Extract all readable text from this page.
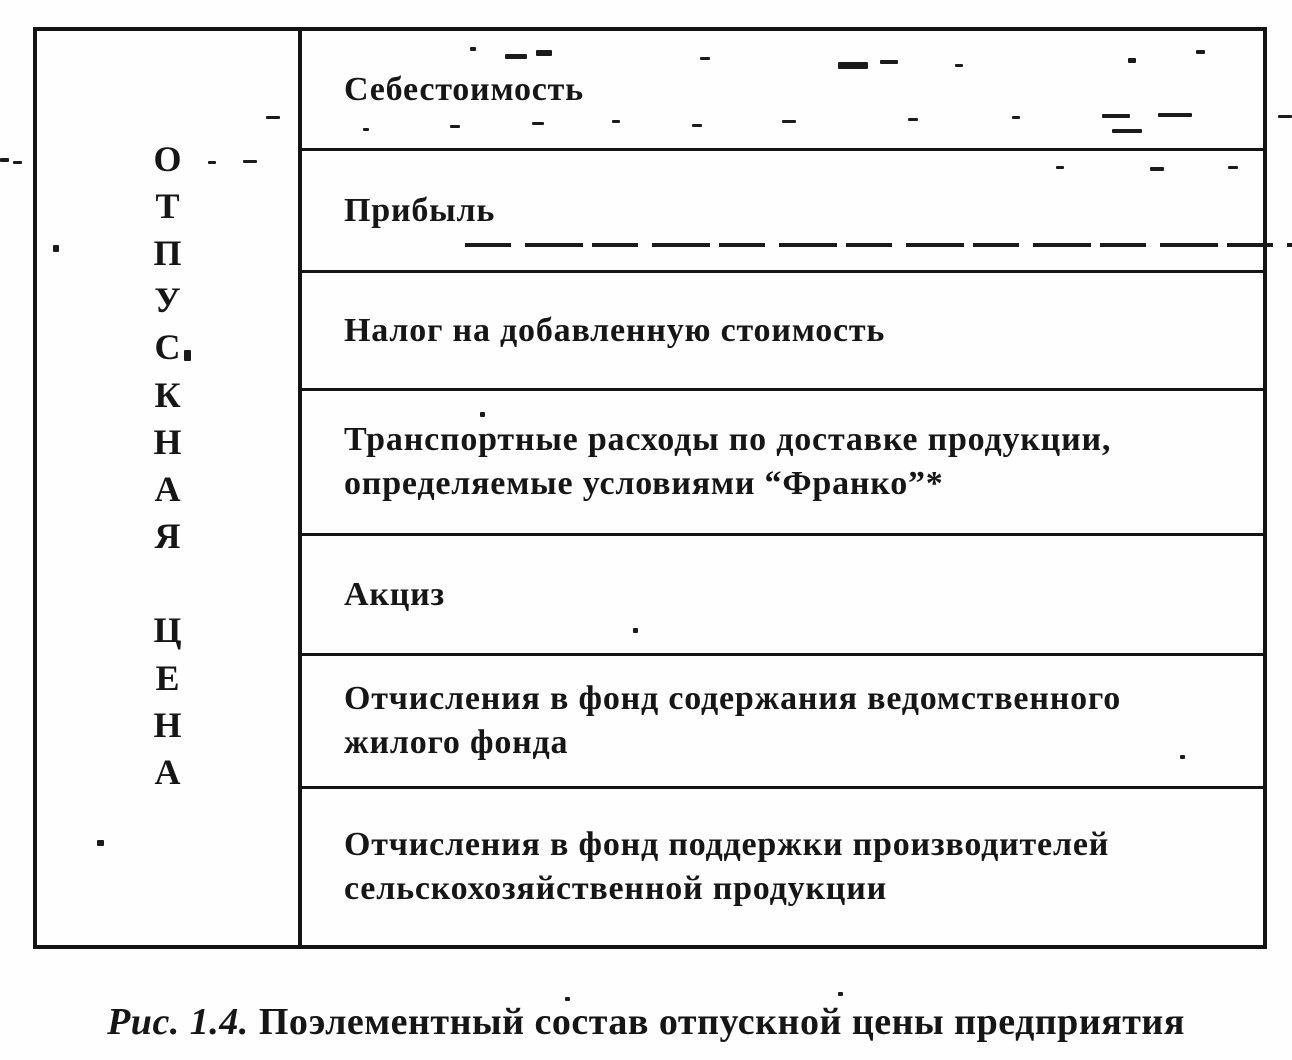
О
Т
П
У
С
К
Н
А
Я
Ц
Е
Н
А
Себестоимость
Прибыль
Налог на добавленную стоимость
Транспортные расходы по доставке продукции, определяемые условиями “Франко”*
Акциз
Отчисления в фонд содержания ведомственного жилого фонда
Отчисления в фонд поддержки производителей сельскохозяйственной продукции
Рис. 1.4. Поэлементный состав отпускной цены предприятия
